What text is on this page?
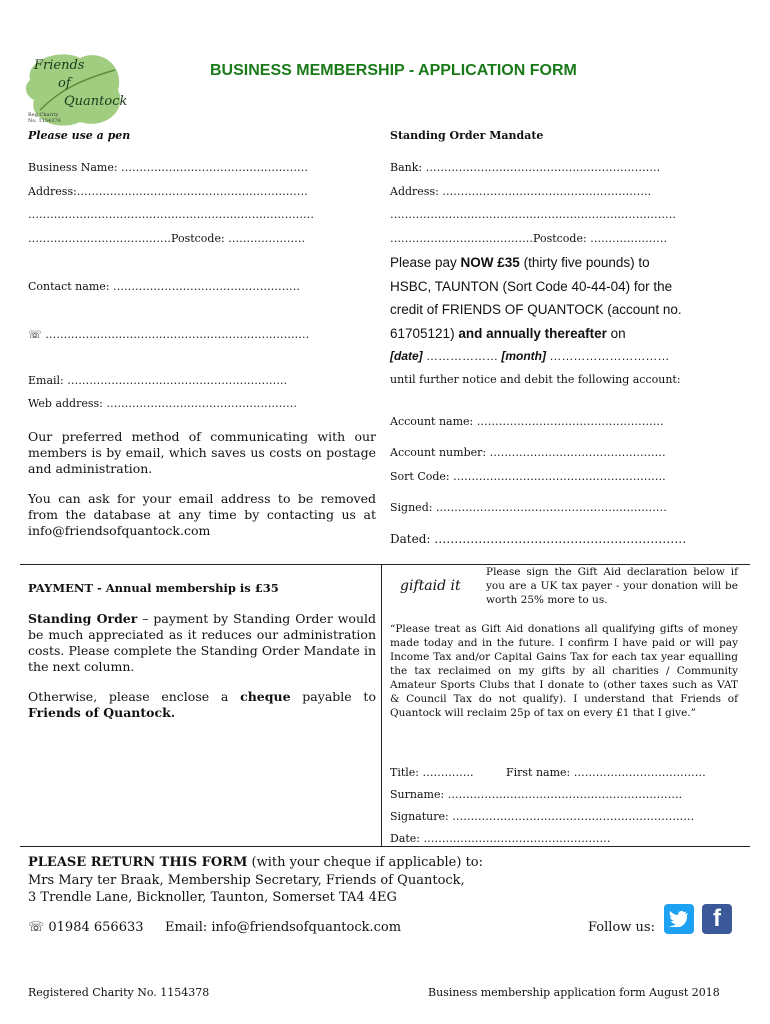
Friends
of
Quantock
Reg Charity
No. 1154378
BUSINESS MEMBERSHIP - APPLICATION FORM
Please use a pen
Business Name: ……………………………………………
Address:………………………………………………………
……………………………………………………………………
…………………………………Postcode: …………………
Contact name: ……………………………………………
☏ ………………………………………………………………
Email: ……………………………………………………
Web address: …………………………………………….
Our preferred method of communicating with our members is by email, which saves us costs on postage and administration.
You can ask for your email address to be removed from the database at any time by contacting us at info@friendsofquantock.com
Standing Order Mandate
Bank: ……………………………………………………….
Address: …………………………………………………
……………………………………………………………………
…………………………………Postcode: …………………
Please pay NOW £35 (thirty five pounds) to
HSBC, TAUNTON (Sort Code 40-44-04) for the
credit of FRIENDS OF QUANTOCK (account no.
61705121) and annually thereafter on
[date] ……………… [month] …………………………
until further notice and debit the following account:
Account name: ……………………………………………
Account number: …………………………………………
Sort Code: ………………………………………………….
Signed: ………………………………………………………
Dated: ………………………………………………………
PAYMENT - Annual membership is £35
Standing Order – payment by Standing Order would be much appreciated as it reduces our administration costs. Please complete the Standing Order Mandate in the next column.
Otherwise, please enclose a cheque payable to Friends of Quantock.
giftaid it
Please sign the Gift Aid declaration below if you are a UK tax payer - your donation will be worth 25% more to us.
“Please treat as Gift Aid donations all qualifying gifts of money made today and in the future. I confirm I have paid or will pay Income Tax and/or Capital Gains Tax for each tax year equalling the tax reclaimed on my gifts by all charities / Community Amateur Sports Clubs that I donate to (other taxes such as VAT & Council Tax do not qualify). I understand that Friends of Quantock will reclaim 25p of tax on every £1 that I give.”
Title: …………..	First name: ………………………………
Surname: ……………………………………………………….
Signature: …………………………………………………………
Date: ……………………………………………
PLEASE RETURN THIS FORM (with your cheque if applicable) to:
Mrs Mary ter Braak, Membership Secretary, Friends of Quantock,
3 Trendle Lane, Bicknoller, Taunton, Somerset TA4 4EG
☏ 01984 656633 Email: info@friendsofquantock.com	Follow us:	f
Registered Charity No. 1154378	Business membership application form August 2018
